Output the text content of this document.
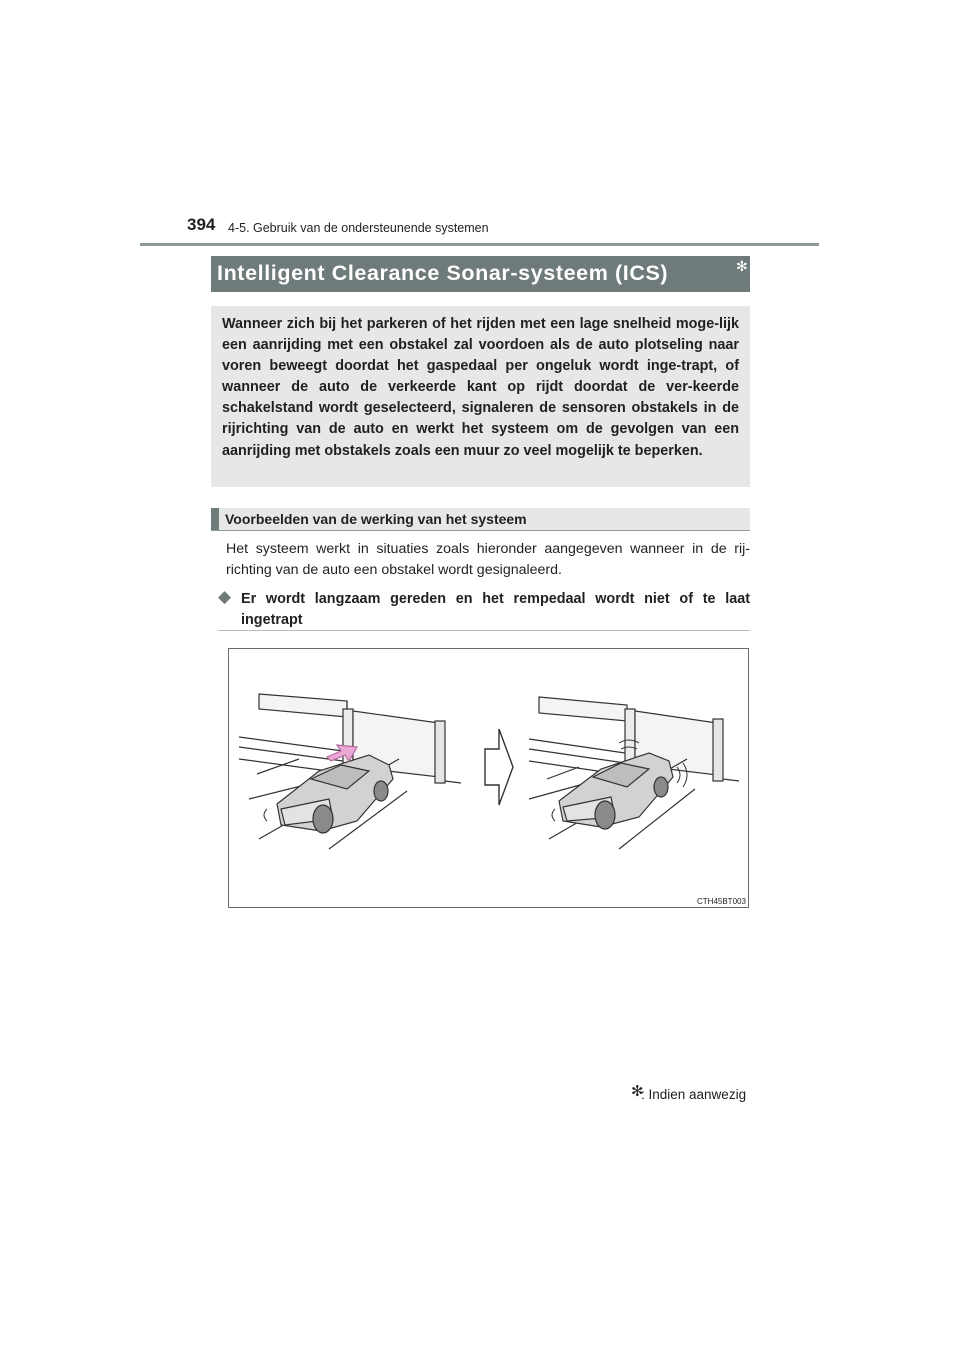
394 4-5. Gebruik van de ondersteunende systemen
Intelligent Clearance Sonar-systeem (ICS)	✻

Wanneer zich bij het parkeren of het rijden met een lage snelheid moge-lijk een aanrijding met een obstakel zal voordoen als de auto plotseling naar voren beweegt doordat het gaspedaal per ongeluk wordt inge-trapt, of wanneer de auto de verkeerde kant op rijdt doordat de ver-keerde schakelstand wordt geselecteerd, signaleren de sensoren obstakels in de rijrichting van de auto en werkt het systeem om de gevolgen van een aanrijding met obstakels zoals een muur zo veel mogelijk te beperken.

Voorbeelden van de werking van het systeem

Het systeem werkt in situaties zoals hieronder aangegeven wanneer in de rij-richting van de auto een obstakel wordt gesignaleerd.

◆ Er wordt langzaam gereden en het rempedaal wordt niet of te laat ingetrapt

CTH45BT003
✻
: Indien aanwezig
